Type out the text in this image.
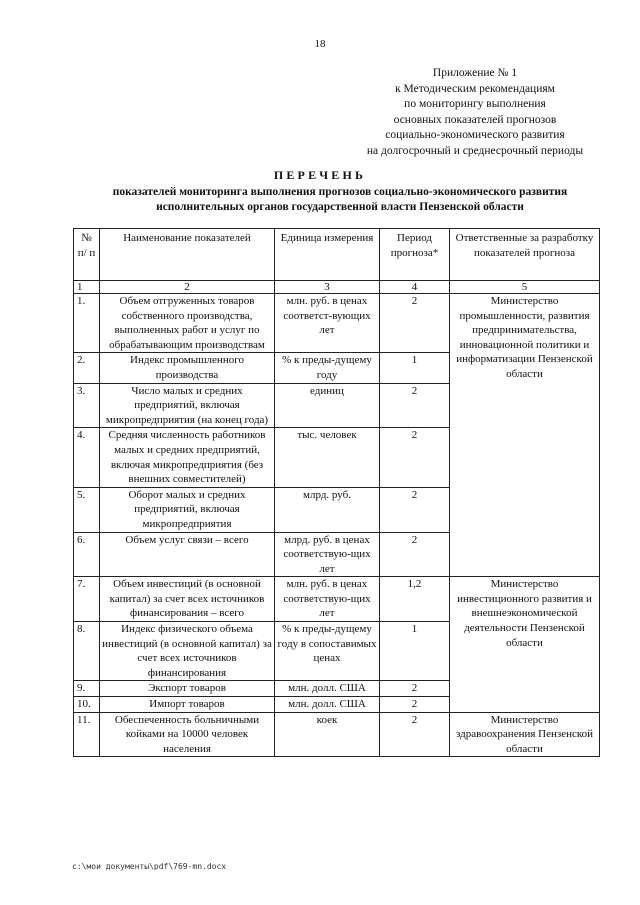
18
Приложение № 1
к Методическим рекомендациям
по мониторингу выполнения
основных показателей прогнозов
социально-экономического развития
на долгосрочный и среднесрочный периоды
ПЕРЕЧЕНЬ
показателей мониторинга выполнения прогнозов социально-экономического развития
исполнительных органов государственной власти Пензенской области
№ п/ п	Наименование показателей	Единица измерения	Период прогноза*	Ответственные за разработку показателей прогноза
1	2	3	4	5
1.	Объем отгруженных товаров собственного производства, выполненных работ и услуг по обрабатывающим производствам	млн. руб. в ценах соответст-вующих лет	2	Министерство промышленности, развития предпринимательства, инновационной политики и информатизации Пензенской области
2.	Индекс промышленного производства	% к преды-дущему году	1	
3.	Число малых и средних предприятий, включая микропредприятия (на конец года)	единиц	2	
4.	Средняя численность работников малых и средних предприятий, включая микропредприятия (без внешних совместителей)	тыс. человек	2	
5.	Оборот малых и средних предприятий, включая микропредприятия	млрд. руб.	2	
6.	Объем услуг связи – всего	млрд. руб. в ценах соответствую-щих лет	2	
7.	Объем инвестиций (в основной капитал) за счет всех источников финансирования – всего	млн. руб. в ценах соответствую-щих лет	1,2	Министерство инвестиционного развития и внешнеэкономической деятельности Пензенской области
8.	Индекс физического объема инвестиций (в основной капитал) за счет всех источников финансирования	% к преды-дущему году в сопоставимых ценах	1	
9.	Экспорт товаров	млн. долл. США	2	
10.	Импорт товаров	млн. долл. США	2	
11.	Обеспеченность больничными койками на 10000 человек населения	коек	2	Министерство здравоохранения Пензенской области
c:\мои документы\pdf\769-mn.docx
